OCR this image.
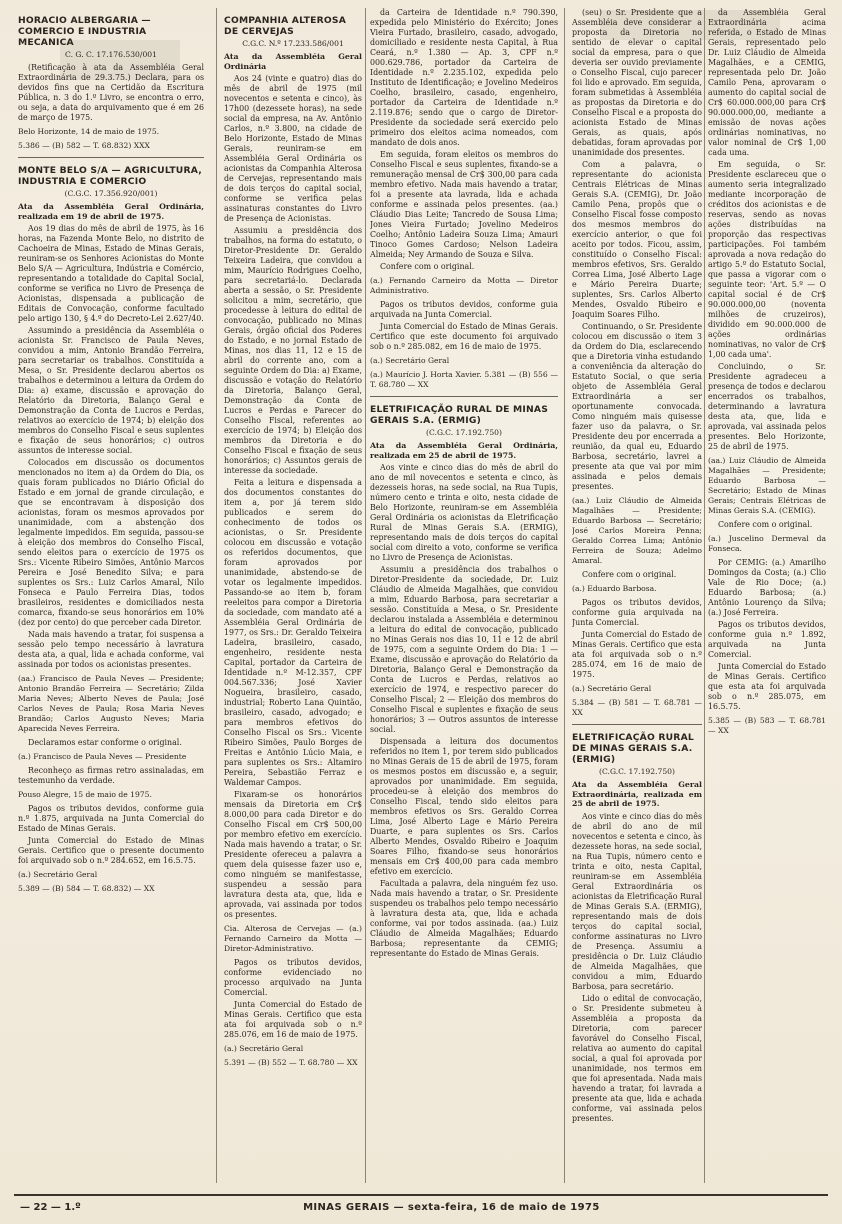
HORACIO ALBERGARIA — COMERCIO E INDUSTRIA MECANICA
C. G. C. 17.176.530/001

(Retificação à ata da Assembléia Geral Extraordinária de 29.3.75.) Declara, para os devidos fins que na Certidão da Escritura Pública, n. 3 do 1.º Livro, se encontra o erro, ou seja, a data do arquivamento que é em 26 de março de 1975.

Belo Horizonte, 14 de maio de 1975.
5.386 — (B) 582 — T. 68.832) XXX
MONTE BELO S/A — AGRICULTURA, INDUSTRIA E COMERCIO
(C.G.C. 17.356.920/001)
Ata da Assembléia Geral Ordinária, realizada em 19 de abril de 1975.

Aos 19 dias do mês de abril de 1975, às 16 horas, na Fazenda Monte Belo, no distrito de Cachoeira de Minas, Estado de Minas Gerais, reuniram-se os Senhores Acionistas do Monte Belo S/A — Agricultura, Indústria e Comércio, representando a totalidade do Capital Social, conforme se verifica no Livro de Presença de Acionistas, dispensada a publicação de Editais de Convocação, conforme facultado pelo artigo 130, § 4.º do Decreto-Lei 2.627/40.

Assumindo a presidência da Assembléia o acionista Sr. Francisco de Paula Neves, convidou a mim, Antonio Brandão Ferreira, para secretariar os trabalhos. Constituída a Mesa, o Sr. Presidente declarou abertos os trabalhos e determinou a leitura da Ordem do Dia: a) exame, discussão e aprovação do Relatório da Diretoria, Balanço Geral e Demonstração da Conta de Lucros e Perdas, relativos ao exercício de 1974; b) eleição dos membros do Conselho Fiscal e seus suplentes e fixação de seus honorários; c) outros assuntos de interesse social.

Colocados em discussão os documentos mencionados no item a) da Ordem do Dia, os quais foram publicados no Diário Oficial do Estado e em jornal de grande circulação, e que se encontravam à disposição dos acionistas, foram os mesmos aprovados por unanimidade, com a abstenção dos legalmente impedidos. Em seguida, passou-se à eleição dos membros do Conselho Fiscal, sendo eleitos para o exercício de 1975 os Srs.: Vicente Ribeiro Simões, Antônio Marcos Pereira e José Benedito Silva; e para suplentes os Srs.: Luiz Carlos Amaral, Nilo Fonseca e Paulo Ferreira Dias, todos brasileiros, residentes e domiciliados nesta comarca, fixando-se seus honorários em 10% (dez por cento) do que perceber cada Diretor.

Nada mais havendo a tratar, foi suspensa a sessão pelo tempo necessário à lavratura desta ata, a qual, lida e achada conforme, vai assinada por todos os acionistas presentes.

(aa.) Francisco de Paula Neves — Presidente; Antonio Brandão Ferreira — Secretário; Zilda Maria Neves; Alberto Neves de Paula; José Carlos Neves de Paula; Rosa Maria Neves Brandão; Carlos Augusto Neves; Maria Aparecida Neves Ferreira.

Declaramos estar conforme o original.

(a.) Francisco de Paula Neves — Presidente

Reconheço as firmas retro assinaladas, em testemunho da verdade.

Pouso Alegre, 15 de maio de 1975.

Pagos os tributos devidos, conforme guia n.º 1.875, arquivada na Junta Comercial do Estado de Minas Gerais.

Junta Comercial do Estado de Minas Gerais. Certifico que o presente documento foi arquivado sob o n.º 284.652, em 16.5.75.

(a.) Secretário Geral
5.389 — (B) 584 — T. 68.832) — XX
COMPANHIA ALTEROSA DE CERVEJAS
C.G.C. N.º 17.233.586/001
Ata da Assembléia Geral Ordinária

Aos 24 (vinte e quatro) dias do mês de abril de 1975 (mil novecentos e setenta e cinco), às 17h00 (dezessete horas), na sede social da empresa, na Av. Antônio Carlos, n.º 3.800, na cidade de Belo Horizonte, Estado de Minas Gerais, reuniram-se em Assembléia Geral Ordinária os acionistas da Companhia Alterosa de Cervejas, representando mais de dois terços do capital social, conforme se verifica pelas assinaturas constantes do Livro de Presença de Acionistas.

Assumiu a presidência dos trabalhos, na forma do estatuto, o Diretor-Presidente Dr. Geraldo Teixeira Ladeira, que convidou a mim, Maurício Rodrigues Coelho, para secretariá-lo. Declarada aberta a sessão, o Sr. Presidente solicitou a mim, secretário, que procedesse à leitura do edital de convocação, publicado no Minas Gerais, órgão oficial dos Poderes do Estado, e no jornal Estado de Minas, nos dias 11, 12 e 15 de abril do corrente ano, com a seguinte Ordem do Dia: a) Exame, discussão e votação do Relatório da Diretoria, Balanço Geral, Demonstração da Conta de Lucros e Perdas e Parecer do Conselho Fiscal, referentes ao exercício de 1974; b) Eleição dos membros da Diretoria e do Conselho Fiscal e fixação de seus honorários; c) Assuntos gerais de interesse da sociedade.

Feita a leitura e dispensada a dos documentos constantes do item a, por já terem sido publicados e serem do conhecimento de todos os acionistas, o Sr. Presidente colocou em discussão e votação os referidos documentos, que foram aprovados por unanimidade, abstendo-se de votar os legalmente impedidos. Passando-se ao item b, foram reeleitos para compor a Diretoria da sociedade, com mandato até a Assembléia Geral Ordinária de 1977, os Srs.: Dr. Geraldo Teixeira Ladeira, brasileiro, casado, engenheiro, residente nesta Capital, portador da Carteira de Identidade n.º M-12.357, CPF 004.567.336; José Xavier Nogueira, brasileiro, casado, industrial; Roberto Lana Quintão, brasileiro, casado, advogado; e para membros efetivos do Conselho Fiscal os Srs.: Vicente Ribeiro Simões, Paulo Borges de Freitas e Antônio Lúcio Maia, e para suplentes os Srs.: Altamiro Pereira, Sebastião Ferraz e Waldemar Campos.

Fixaram-se os honorários mensais da Diretoria em Cr$ 8.000,00 para cada Diretor e do Conselho Fiscal em Cr$ 500,00 por membro efetivo em exercício. Nada mais havendo a tratar, o Sr. Presidente ofereceu a palavra a quem dela quisesse fazer uso e, como ninguém se manifestasse, suspendeu a sessão para lavratura desta ata, que, lida e aprovada, vai assinada por todos os presentes.

Cia. Alterosa de Cervejas — (a.) Fernando Carneiro da Motta — Diretor-Administrativo.

Pagos os tributos devidos, conforme evidenciado no processo arquivado na Junta Comercial.

Junta Comercial do Estado de Minas Gerais. Certifico que esta ata foi arquivada sob o n.º 285.076, em 16 de maio de 1975.

(a.) Secretário Geral
5.391 — (B) 552 — T. 68.780 — XX

da Carteira de Identidade n.º 790.390, expedida pelo Ministério do Exército; Jones Vieira Furtado, brasileiro, casado, advogado, domiciliado e residente nesta Capital, à Rua Ceará, n.º 1.380 — Ap. 3, CPF n.º 000.629.786, portador da Carteira de Identidade n.º 2.235.102, expedida pelo Instituto de Identificação; e Jovelino Medeiros Coelho, brasileiro, casado, engenheiro, portador da Carteira de Identidade n.º 2.119.876; sendo que o cargo de Diretor-Presidente da sociedade será exercido pelo primeiro dos eleitos acima nomeados, com mandato de dois anos.

Em seguida, foram eleitos os membros do Conselho Fiscal e seus suplentes, fixando-se a remuneração mensal de Cr$ 300,00 para cada membro efetivo. Nada mais havendo a tratar, foi a presente ata lavrada, lida e achada conforme e assinada pelos presentes. (aa.) Cláudio Dias Leite; Tancredo de Sousa Lima; Jones Vieira Furtado; Jovelino Medeiros Coelho; Antônio Ladeira Souza Lima; Amauri Tinoco Gomes Cardoso; Nelson Ladeira Almeida; Ney Armando de Souza e Silva.

Confere com o original.

(a.) Fernando Carneiro da Motta — Diretor Administrativo.

Pagos os tributos devidos, conforme guia arquivada na Junta Comercial.

Junta Comercial do Estado de Minas Gerais. Certifico que este documento foi arquivado sob o n.º 285.082, em 16 de maio de 1975.

(a.) Secretário Geral
(a.) Maurício J. Horta Xavier. 5.381 — (B) 556 — T. 68.780 — XX
ELETRIFICAÇÃO RURAL DE MINAS GERAIS S.A. (ERMIG)
(C.G.C. 17.192.750)
Ata da Assembléia Geral Ordinária, realizada em 25 de abril de 1975.

Aos vinte e cinco dias do mês de abril do ano de mil novecentos e setenta e cinco, às dezesseis horas, na sede social, na Rua Tupis, número cento e trinta e oito, nesta cidade de Belo Horizonte, reuniram-se em Assembléia Geral Ordinária os acionistas da Eletrificação Rural de Minas Gerais S.A. (ERMIG), representando mais de dois terços do capital social com direito a voto, conforme se verifica no Livro de Presença de Acionistas.

Assumiu a presidência dos trabalhos o Diretor-Presidente da sociedade, Dr. Luiz Cláudio de Almeida Magalhães, que convidou a mim, Eduardo Barbosa, para secretariar a sessão. Constituída a Mesa, o Sr. Presidente declarou instalada a Assembléia e determinou a leitura do edital de convocação, publicado no Minas Gerais nos dias 10, 11 e 12 de abril de 1975, com a seguinte Ordem do Dia: 1 — Exame, discussão e aprovação do Relatório da Diretoria, Balanço Geral e Demonstração da Conta de Lucros e Perdas, relativos ao exercício de 1974, e respectivo parecer do Conselho Fiscal; 2 — Eleição dos membros do Conselho Fiscal e suplentes e fixação de seus honorários; 3 — Outros assuntos de interesse social.

Dispensada a leitura dos documentos referidos no item 1, por terem sido publicados no Minas Gerais de 15 de abril de 1975, foram os mesmos postos em discussão e, a seguir, aprovados por unanimidade. Em seguida, procedeu-se à eleição dos membros do Conselho Fiscal, tendo sido eleitos para membros efetivos os Srs. Geraldo Correa Lima, José Alberto Lage e Mário Pereira Duarte, e para suplentes os Srs. Carlos Alberto Mendes, Osvaldo Ribeiro e Joaquim Soares Filho, fixando-se seus honorários mensais em Cr$ 400,00 para cada membro efetivo em exercício.

Facultada a palavra, dela ninguém fez uso. Nada mais havendo a tratar, o Sr. Presidente suspendeu os trabalhos pelo tempo necessário à lavratura desta ata, que, lida e achada conforme, vai por todos assinada. (aa.) Luiz Cláudio de Almeida Magalhães; Eduardo Barbosa; representante da CEMIG; representante do Estado de Minas Gerais.

(seu) o Sr. Presidente que a Assembléia deve considerar a proposta da Diretoria no sentido de elevar o capital social da empresa, para o que deveria ser ouvido previamente o Conselho Fiscal, cujo parecer foi lido e aprovado. Em seguida, foram submetidas à Assembléia as propostas da Diretoria e do Conselho Fiscal e a proposta do acionista Estado de Minas Gerais, as quais, após debatidas, foram aprovadas por unanimidade dos presentes.

Com a palavra, o representante do acionista Centrais Elétricas de Minas Gerais S.A. (CEMIG), Dr. João Camilo Pena, propôs que o Conselho Fiscal fosse composto dos mesmos membros do exercício anterior, o que foi aceito por todos. Ficou, assim, constituído o Conselho Fiscal: membros efetivos, Srs. Geraldo Correa Lima, José Alberto Lage e Mário Pereira Duarte; suplentes, Srs. Carlos Alberto Mendes, Osvaldo Ribeiro e Joaquim Soares Filho.

Continuando, o Sr. Presidente colocou em discussão o item 3 da Ordem do Dia, esclarecendo que a Diretoria vinha estudando a conveniência da alteração do Estatuto Social, o que seria objeto de Assembléia Geral Extraordinária a ser oportunamente convocada. Como ninguém mais quisesse fazer uso da palavra, o Sr. Presidente deu por encerrada a reunião, da qual eu, Eduardo Barbosa, secretário, lavrei a presente ata que vai por mim assinada e pelos demais presentes.

(aa.) Luiz Cláudio de Almeida Magalhães — Presidente; Eduardo Barbosa — Secretário; José Carlos Moreira Penna; Geraldo Correa Lima; Antônio Ferreira de Souza; Adelmo Amaral.

Confere com o original.

(a.) Eduardo Barbosa.

Pagos os tributos devidos, conforme guia arquivada na Junta Comercial.

Junta Comercial do Estado de Minas Gerais. Certifico que esta ata foi arquivada sob o n.º 285.074, em 16 de maio de 1975.

(a.) Secretário Geral
5.384 — (B) 581 — T. 68.781 — XX
ELETRIFICAÇÃO RURAL DE MINAS GERAIS S.A. (ERMIG)
(C.G.C. 17.192.750)
Ata da Assembléia Geral Extraordinária, realizada em 25 de abril de 1975.

Aos vinte e cinco dias do mês de abril do ano de mil novecentos e setenta e cinco, às dezessete horas, na sede social, na Rua Tupis, número cento e trinta e oito, nesta Capital, reuniram-se em Assembléia Geral Extraordinária os acionistas da Eletrificação Rural de Minas Gerais S.A. (ERMIG), representando mais de dois terços do capital social, conforme assinaturas no Livro de Presença. Assumiu a presidência o Dr. Luiz Cláudio de Almeida Magalhães, que convidou a mim, Eduardo Barbosa, para secretário.

Lido o edital de convocação, o Sr. Presidente submeteu à Assembléia a proposta da Diretoria, com parecer favorável do Conselho Fiscal, relativa ao aumento do capital social, a qual foi aprovada por unanimidade, nos termos em que foi apresentada. Nada mais havendo a tratar, foi lavrada a presente ata que, lida e achada conforme, vai assinada pelos presentes.

da Assembléia Geral Extraordinária acima referida, o Estado de Minas Gerais, representado pelo Dr. Luiz Cláudio de Almeida Magalhães, e a CEMIG, representada pelo Dr. João Camilo Pena, aprovaram o aumento do capital social de Cr$ 60.000.000,00 para Cr$ 90.000.000,00, mediante a emissão de novas ações ordinárias nominativas, no valor nominal de Cr$ 1,00 cada uma.

Em seguida, o Sr. Presidente esclareceu que o aumento seria integralizado mediante incorporação de créditos dos acionistas e de reservas, sendo as novas ações distribuídas na proporção das respectivas participações. Foi também aprovada a nova redação do artigo 5.º do Estatuto Social, que passa a vigorar com o seguinte teor: 'Art. 5.º — O capital social é de Cr$ 90.000.000,00 (noventa milhões de cruzeiros), dividido em 90.000.000 de ações ordinárias nominativas, no valor de Cr$ 1,00 cada uma'.

Concluindo, o Sr. Presidente agradeceu a presença de todos e declarou encerrados os trabalhos, determinando a lavratura desta ata, que, lida e aprovada, vai assinada pelos presentes. Belo Horizonte, 25 de abril de 1975.

(aa.) Luiz Cláudio de Almeida Magalhães — Presidente; Eduardo Barbosa — Secretário; Estado de Minas Gerais; Centrais Elétricas de Minas Gerais S.A. (CEMIG).

Confere com o original.

(a.) Juscelino Dermeval da Fonseca.

Por CEMIG: (a.) Amarilho Domingos da Costa; (a.) Clio Vale de Rio Doce; (a.) Eduardo Barbosa; (a.) Antônio Lourenço da Silva; (a.) José Ferreira.

Pagos os tributos devidos, conforme guia n.º 1.892, arquivada na Junta Comercial.

Junta Comercial do Estado de Minas Gerais. Certifico que esta ata foi arquivada sob o n.º 285.075, em 16.5.75.

5.385 — (B) 583 — T. 68.781 — XX
— 22 — 1.º	MINAS GERAIS — sexta-feira, 16 de maio de 1975
